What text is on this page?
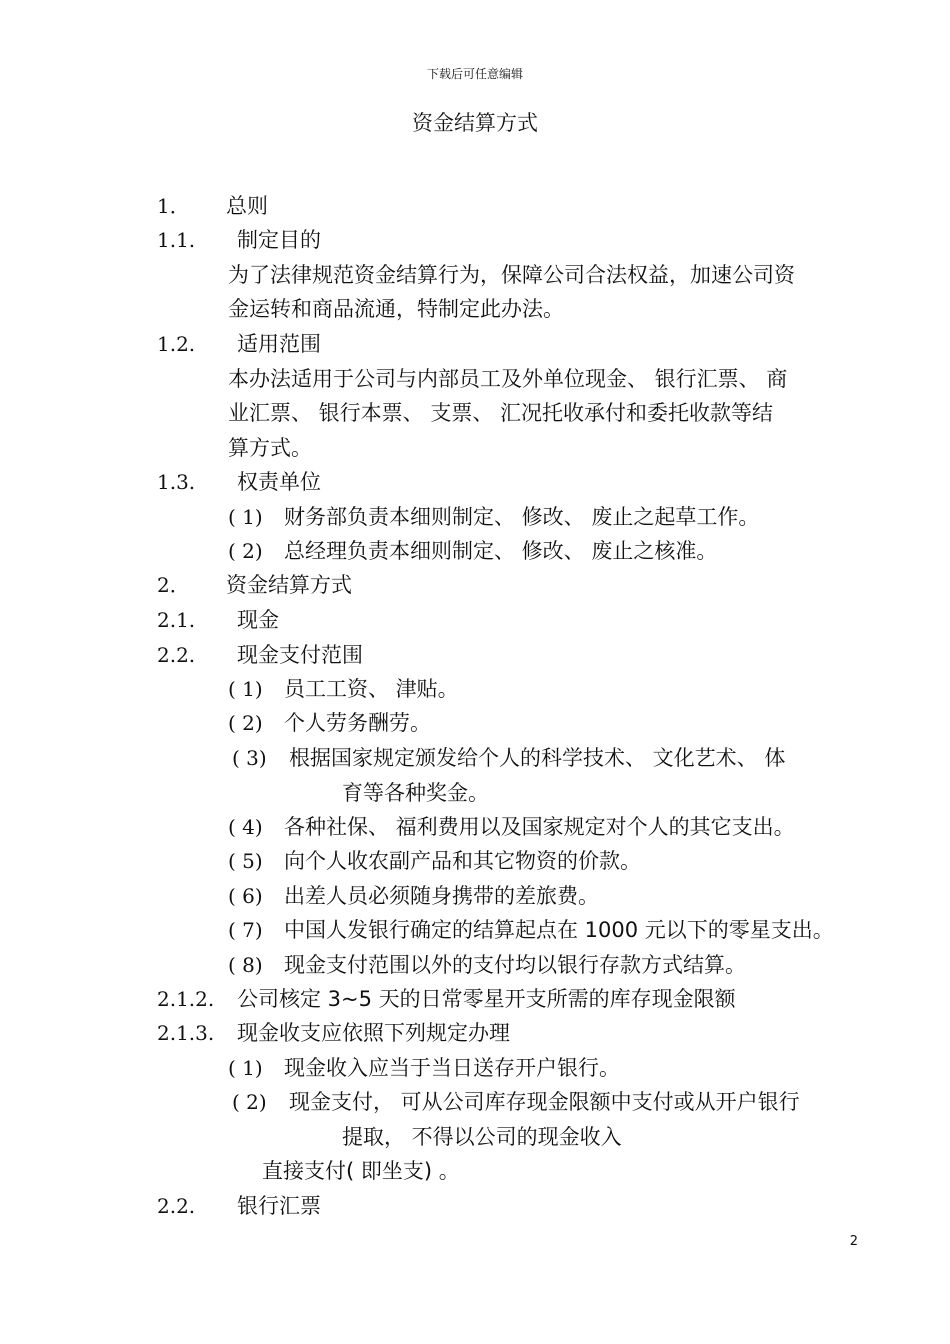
下载后可任意编辑
资金结算方式
1． 总则
1.1. 制定目的
为了法律规范资金结算行为，保障公司合法权益，加速公司资
金运转和商品流通，特制定此办法。
1.2. 适用范围
本办法适用于公司与内部员工及外单位现金、 银行汇票、 商
业汇票、 银行本票、 支票、 汇况托收承付和委托收款等结
算方式。
1.3. 权责单位
( 1) 财务部负责本细则制定、 修改、 废止之起草工作。
( 2) 总经理负责本细则制定、 修改、 废止之核准。
2． 资金结算方式
2.1. 现金
2.2. 现金支付范围
( 1) 员工工资、 津贴。
( 2) 个人劳务酬劳。
( 3) 根据国家规定颁发给个人的科学技术、 文化艺术、 体
育等各种奖金。
( 4) 各种社保、 福利费用以及国家规定对个人的其它支出。
( 5) 向个人收农副产品和其它物资的价款。
( 6) 出差人员必须随身携带的差旅费。
( 7) 中国人发银行确定的结算起点在 1000 元以下的零星支出。
( 8) 现金支付范围以外的支付均以银行存款方式结算。
2.1.2. 公司核定 3~5 天的日常零星开支所需的库存现金限额
2.1.3. 现金收支应依照下列规定办理
( 1) 现金收入应当于当日送存开户银行。
( 2) 现金支付， 可从公司库存现金限额中支付或从开户银行
提取， 不得以公司的现金收入
直接支付( 即坐支) 。
2.2. 银行汇票
2
